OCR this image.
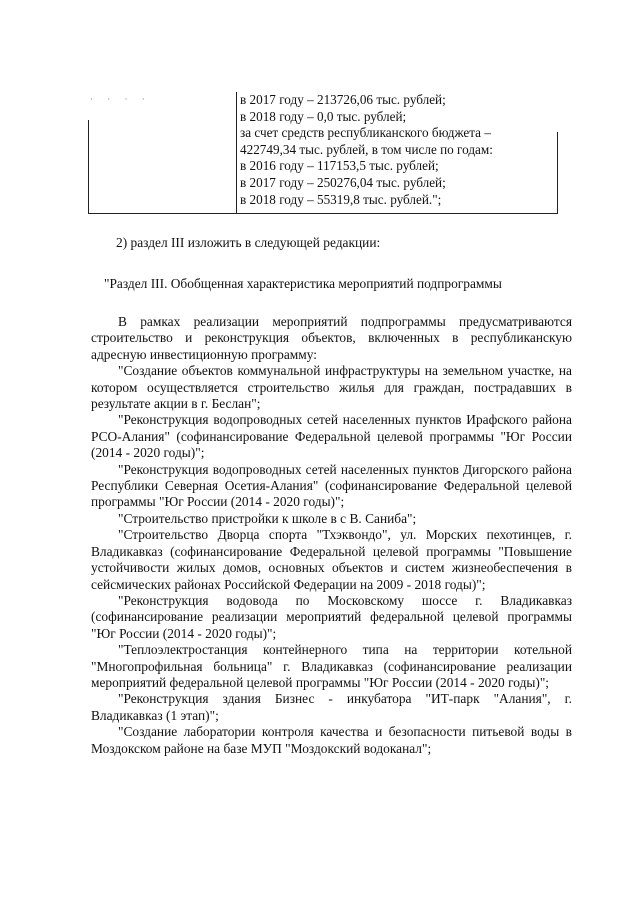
· · · ·	в 2017 году – 213726,06 тыс. рублей;
в 2018 году – 0,0 тыс. рублей;
за счет средств республиканского бюджета –
422749,34 тыс. рублей, в том числе по годам:
в 2016 году – 117153,5 тыс. рублей;
в 2017 году – 250276,04 тыс. рублей;
в 2018 году – 55319,8 тыс. рублей.";
2) раздел III изложить в следующей редакции:
"Раздел III. Обобщенная характеристика мероприятий подпрограммы

В рамках реализации мероприятий подпрограммы предусматриваются строительство и реконструкция объектов, включенных в республиканскую адресную инвестиционную программу:

"Создание объектов коммунальной инфраструктуры на земельном участке, на котором осуществляется строительство жилья для граждан, пострадавших в результате акции в г. Беслан";

"Реконструкция водопроводных сетей населенных пунктов Ирафского района РСО-Алания" (софинансирование Федеральной целевой программы "Юг России (2014 - 2020 годы)";

"Реконструкция водопроводных сетей населенных пунктов Дигорского района Республики Северная Осетия-Алания" (софинансирование Федеральной целевой программы "Юг России (2014 - 2020 годы)";

"Строительство пристройки к школе в с В. Саниба";

"Строительство Дворца спорта "Тхэквондо", ул. Морских пехотинцев, г. Владикавказ (софинансирование Федеральной целевой программы "Повышение устойчивости жилых домов, основных объектов и систем жизнеобеспечения в сейсмических районах Российской Федерации на 2009 - 2018 годы)";

"Реконструкция водовода по Московскому шоссе г. Владикавказ (софинансирование реализации мероприятий федеральной целевой программы "Юг России (2014 - 2020 годы)";

"Теплоэлектростанция контейнерного типа на территории котельной "Многопрофильная больница" г. Владикавказ (софинансирование реализации мероприятий федеральной целевой программы "Юг России (2014 - 2020 годы)";

"Реконструкция здания Бизнес - инкубатора "ИТ-парк "Алания", г. Владикавказ (1 этап)";

"Создание лаборатории контроля качества и безопасности питьевой воды в Моздокском районе на базе МУП "Моздокский водоканал";
